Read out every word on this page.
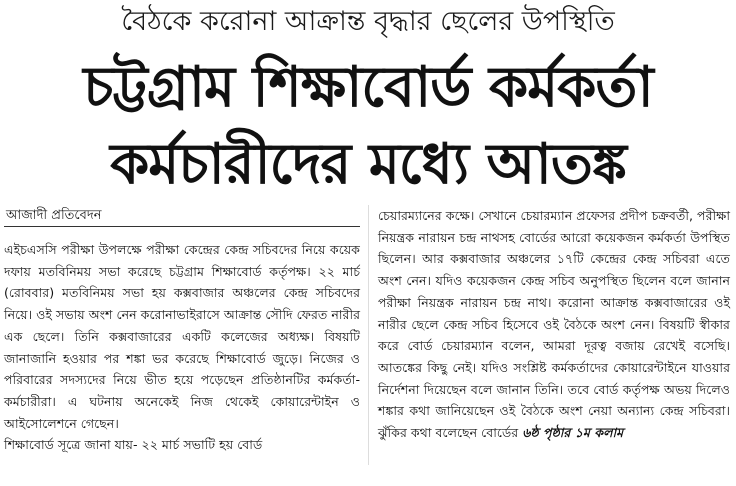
বৈঠকে করোনা আক্রান্ত বৃদ্ধার ছেলের উপস্থিতি
চট্টগ্রাম শিক্ষাবোর্ড কর্মকর্তা
কর্মচারীদের মধ্যে আতঙ্ক
আজাদী প্রতিবেদন

এইচএসসি পরীক্ষা উপলক্ষে পরীক্ষা কেন্দ্রের কেন্দ্র সচিবদের নিয়ে কয়েক দফায় মতবিনিময় সভা করেছে চট্টগ্রাম শিক্ষাবোর্ড কর্তৃপক্ষ। ২২ মার্চ (রোববার) মতবিনিময় সভা হয় কক্সবাজার অঞ্চলের কেন্দ্র সচিবদের নিয়ে। ওই সভায় অংশ নেন করোনাভাইরাসে আক্রান্ত সৌদি ফেরত নারীর এক ছেলে। তিনি কক্সবাজারের একটি কলেজের অধ্যক্ষ। বিষয়টি জানাজানি হওয়ার পর শঙ্কা ভর করেছে শিক্ষাবোর্ড জুড়ে। নিজের ও পরিবারের সদস্যদের নিয়ে ভীত হয়ে পড়েছেন প্রতিষ্ঠানটির কর্মকর্তা-কর্মচারীরা। এ ঘটনায় অনেকেই নিজ থেকেই কোয়ারেন্টাইন ও আইসোলেশনে গেছেন।

শিক্ষাবোর্ড সূত্রে জানা যায়- ২২ মার্চ সভাটি হয় বোর্ড

চেয়ারম্যানের কক্ষে। সেখানে চেয়ারম্যান প্রফেসর প্রদীপ চক্রবর্তী, পরীক্ষা নিয়ন্ত্রক নারায়ন চন্দ্র নাথসহ বোর্ডের আরো কয়েকজন কর্মকর্তা উপস্থিত ছিলেন। আর কক্সবাজার অঞ্চলের ১৭টি কেন্দ্রের কেন্দ্র সচিবরা এতে অংশ নেন। যদিও কয়েকজন কেন্দ্র সচিব অনুপস্থিত ছিলেন বলে জানান পরীক্ষা নিয়ন্ত্রক নারায়ন চন্দ্র নাথ। করোনা আক্রান্ত কক্সবাজারের ওই নারীর ছেলে কেন্দ্র সচিব হিসেবে ওই বৈঠকে অংশ নেন। বিষয়টি স্বীকার করে বোর্ড চেয়ারম্যান বলেন, আমরা দূরত্ব বজায় রেখেই বসেছি। আতঙ্কের কিছু নেই। যদিও সংশ্লিষ্ট কর্মকর্তাদের কোয়ারেন্টাইনে যাওয়ার নির্দেশনা দিয়েছেন বলে জানান তিনি। তবে বোর্ড কর্তৃপক্ষ অভয় দিলেও শঙ্কার কথা জানিয়েছেন ওই বৈঠকে অংশ নেয়া অন্যান্য কেন্দ্র সচিবরা। ঝুঁকির কথা বলেছেন বোর্ডের ৬ষ্ঠ পৃষ্ঠার ১ম কলাম
